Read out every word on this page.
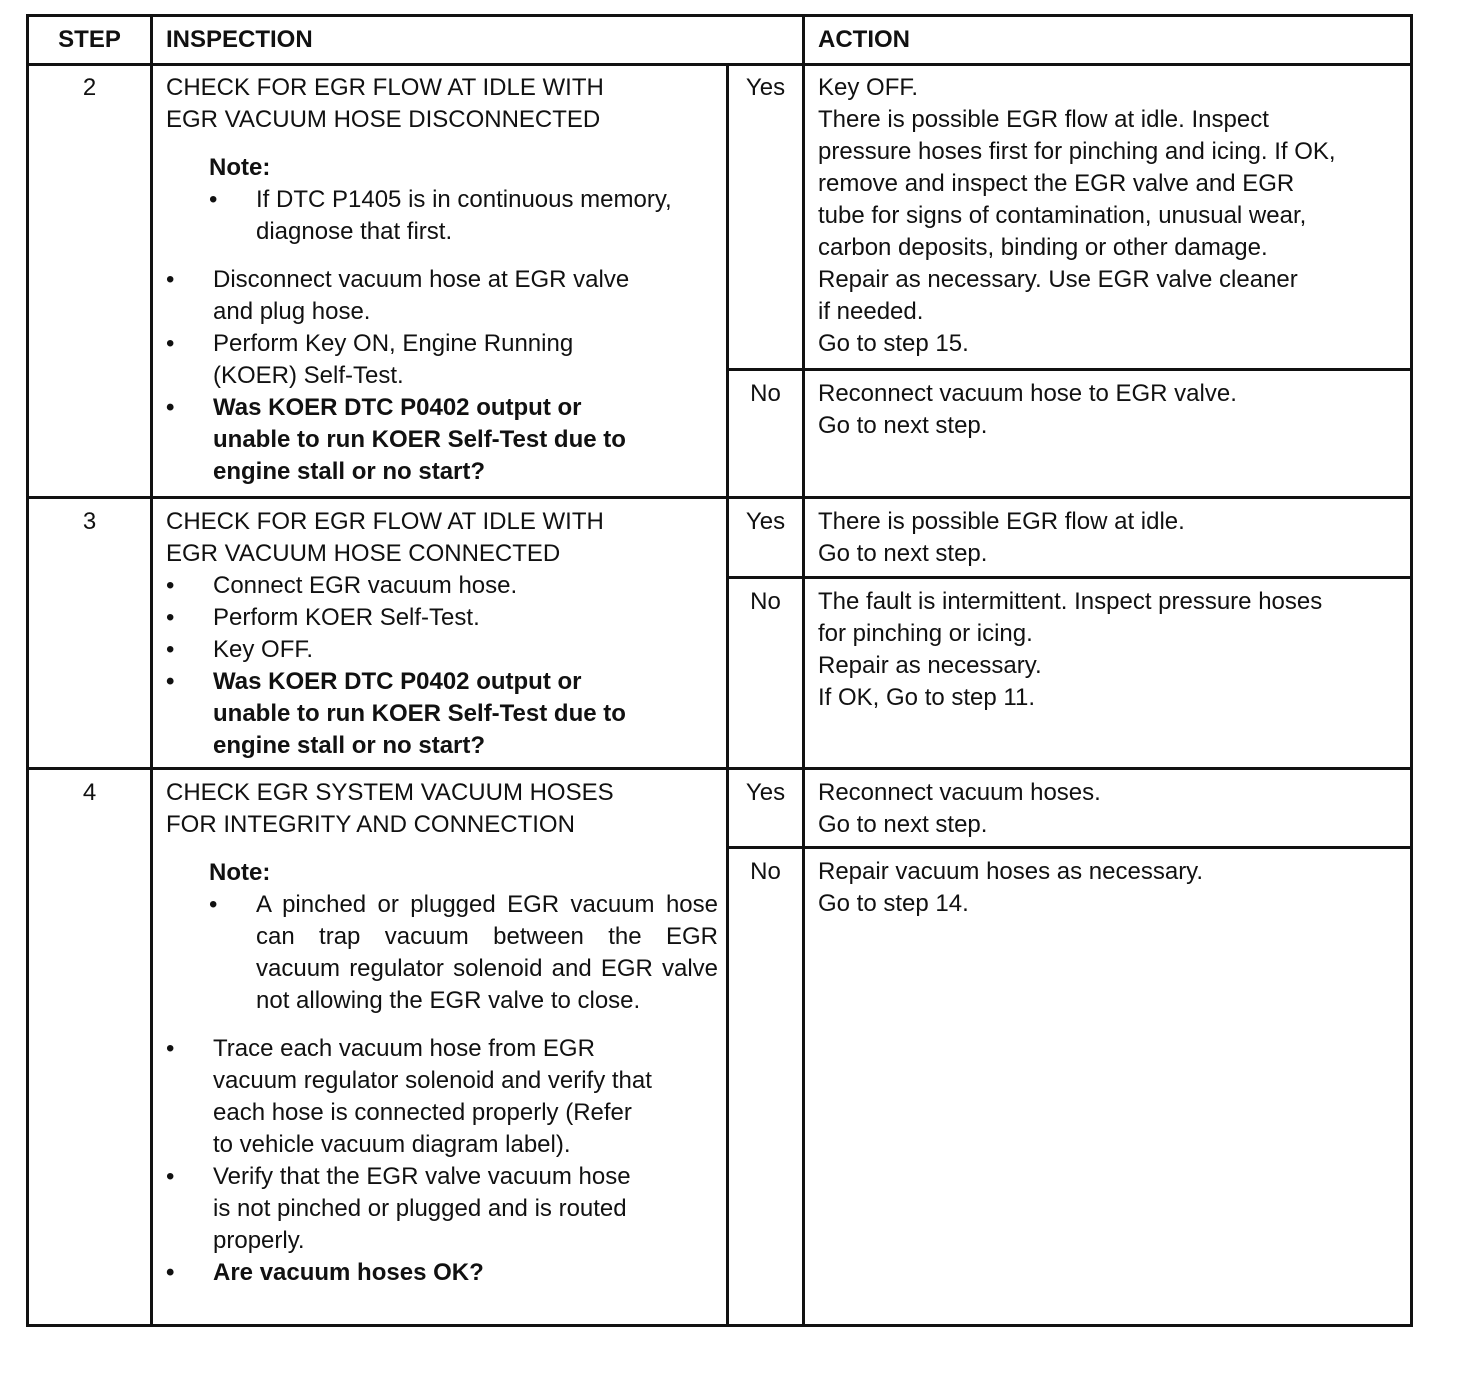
STEP	INSPECTION	ACTION
2	CHECK FOR EGR FLOW AT IDLE WITH
EGR VACUUM HOSE DISCONNECTED
Note:
•	If DTC P1405 is in continuous memory,
diagnose that first.
•	Disconnect vacuum hose at EGR valve
and plug hose.
•	Perform Key ON, Engine Running
(KOER) Self-Test.
•	Was KOER DTC P0402 output or
unable to run KOER Self-Test due to
engine stall or no start?
Yes	Key OFF.
There is possible EGR flow at idle. Inspect
pressure hoses first for pinching and icing. If OK,
remove and inspect the EGR valve and EGR
tube for signs of contamination, unusual wear,
carbon deposits, binding or other damage.
Repair as necessary. Use EGR valve cleaner
if needed.
Go to step 15.
No	Reconnect vacuum hose to EGR valve.
Go to next step.
3	CHECK FOR EGR FLOW AT IDLE WITH
EGR VACUUM HOSE CONNECTED
•	Connect EGR vacuum hose.
•	Perform KOER Self-Test.
•	Key OFF.
•	Was KOER DTC P0402 output or
unable to run KOER Self-Test due to
engine stall or no start?
Yes	There is possible EGR flow at idle.
Go to next step.
No	The fault is intermittent. Inspect pressure hoses
for pinching or icing.
Repair as necessary.
If OK, Go to step 11.
4	CHECK EGR SYSTEM VACUUM HOSES
FOR INTEGRITY AND CONNECTION
Note:
•	A pinched or plugged EGR vacuum hose can trap vacuum between the EGR vacuum regulator solenoid and EGR valve not allowing the EGR valve to close.
•	Trace each vacuum hose from EGR
vacuum regulator solenoid and verify that
each hose is connected properly (Refer
to vehicle vacuum diagram label).
•	Verify that the EGR valve vacuum hose
is not pinched or plugged and is routed
properly.
•	Are vacuum hoses OK?
Yes	Reconnect vacuum hoses.
Go to next step.
No	Repair vacuum hoses as necessary.
Go to step 14.
